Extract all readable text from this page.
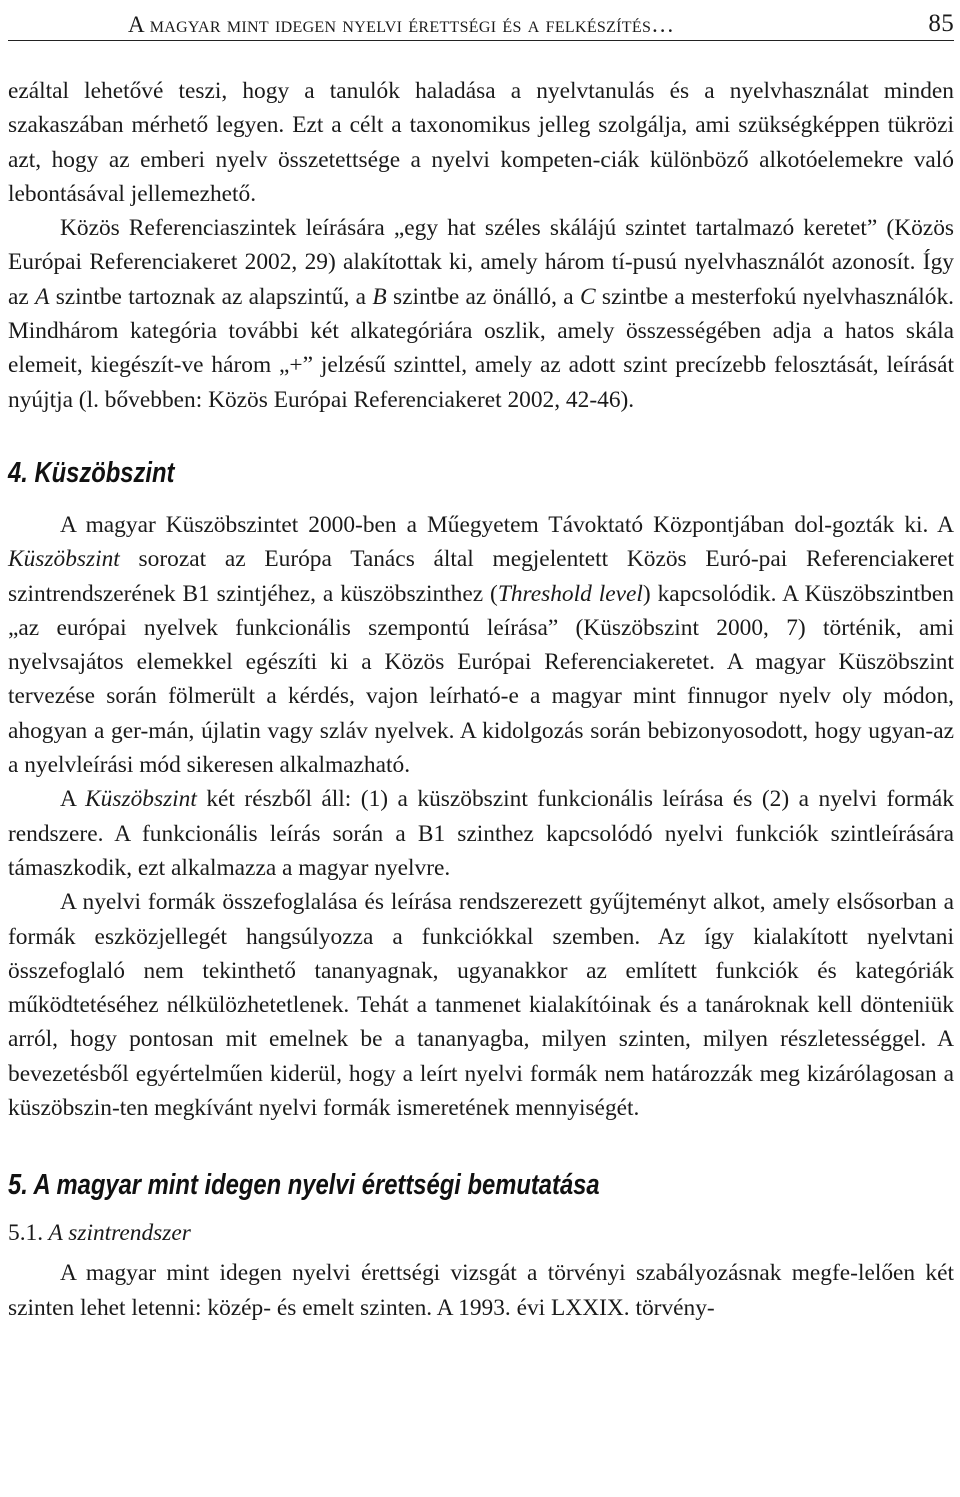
A magyar mint idegen nyelvi érettségi és a felkészítés…	85

ezáltal lehetővé teszi, hogy a tanulók haladása a nyelvtanulás és a nyelvhasználat minden szakaszában mérhető legyen. Ezt a célt a taxonomikus jelleg szolgálja, ami szükségképpen tükrözi azt, hogy az emberi nyelv összetettsége a nyelvi kompeten-ciák különböző alkotóelemekre való lebontásával jellemezhető.

Közös Referenciaszintek leírására „egy hat széles skálájú szintet tartalmazó keretet” (Közös Európai Referenciakeret 2002, 29) alakítottak ki, amely három tí-pusú nyelvhasználót azonosít. Így az A szintbe tartoznak az alapszintű, a B szintbe az önálló, a C szintbe a mesterfokú nyelvhasználók. Mindhárom kategória további két alkategóriára oszlik, amely összességében adja a hatos skála elemeit, kiegészít-ve három „+” jelzésű szinttel, amely az adott szint precízebb felosztását, leírását nyújtja (l. bővebben: Közös Európai Referenciakeret 2002, 42-46).

4. Küszöbszint

A magyar Küszöbszintet 2000-ben a Műegyetem Távoktató Központjában dol-gozták ki. A Küszöbszint sorozat az Európa Tanács által megjelentett Közös Euró-pai Referenciakeret szintrendszerének B1 szintjéhez, a küszöbszinthez (Threshold level) kapcsolódik. A Küszöbszintben „az európai nyelvek funkcionális szempontú leírása” (Küszöbszint 2000, 7) történik, ami nyelvsajátos elemekkel egészíti ki a Közös Európai Referenciakeretet. A magyar Küszöbszint tervezése során fölmerült a kérdés, vajon leírható-e a magyar mint finnugor nyelv oly módon, ahogyan a ger-mán, újlatin vagy szláv nyelvek. A kidolgozás során bebizonyosodott, hogy ugyan-az a nyelvleírási mód sikeresen alkalmazható.

A Küszöbszint két részből áll: (1) a küszöbszint funkcionális leírása és (2) a nyelvi formák rendszere. A funkcionális leírás során a B1 szinthez kapcsolódó nyelvi funkciók szintleírására támaszkodik, ezt alkalmazza a magyar nyelvre.

A nyelvi formák összefoglalása és leírása rendszerezett gyűjteményt alkot, amely elsősorban a formák eszközjellegét hangsúlyozza a funkciókkal szemben. Az így kialakított nyelvtani összefoglaló nem tekinthető tananyagnak, ugyanakkor az említett funkciók és kategóriák működtetéséhez nélkülözhetetlenek. Tehát a tanmenet kialakítóinak és a tanároknak kell dönteniük arról, hogy pontosan mit emelnek be a tananyagba, milyen szinten, milyen részletességgel. A bevezetésből egyértelműen kiderül, hogy a leírt nyelvi formák nem határozzák meg kizárólagosan a küszöbszin-ten megkívánt nyelvi formák ismeretének mennyiségét.

5. A magyar mint idegen nyelvi érettségi bemutatása
5.1. A szintrendszer

A magyar mint idegen nyelvi érettségi vizsgát a törvényi szabályozásnak megfe-lelően két szinten lehet letenni: közép- és emelt szinten. A 1993. évi LXXIX. törvény-
